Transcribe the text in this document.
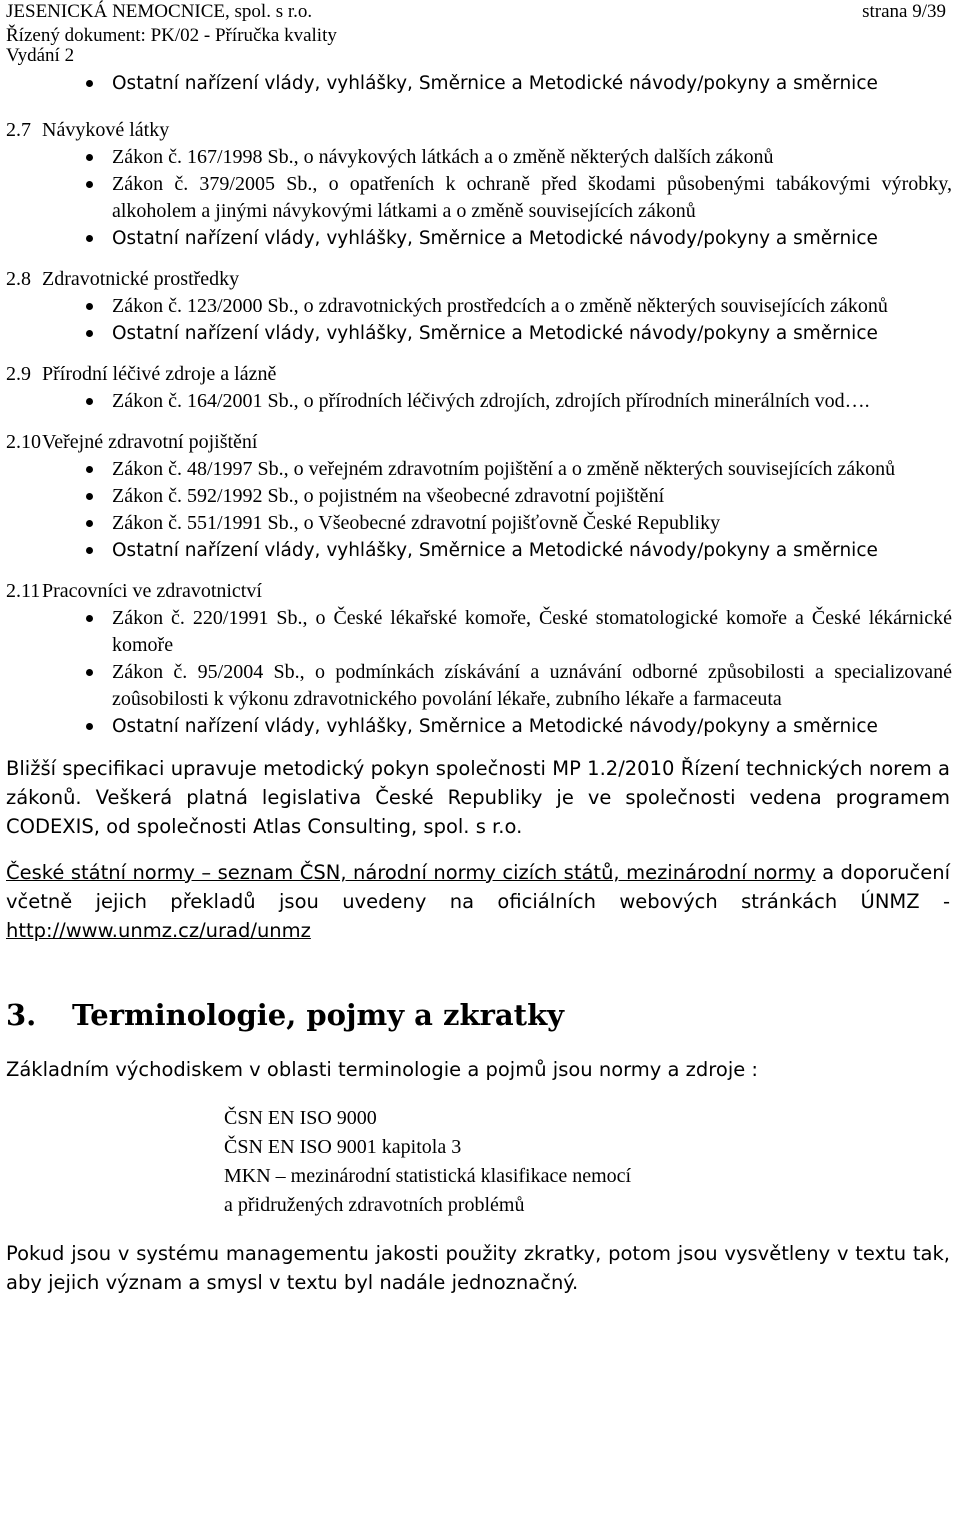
JESENICKÁ NEMOCNICE, spol. s r.o.	strana 9/39
Řízený dokument: PK/02 - Příručka kvality
Vydání 2
Ostatní nařízení vlády, vyhlášky, Směrnice a Metodické návody/pokyny a směrnice
2.7 Návykové látky
Zákon č. 167/1998 Sb., o návykových látkách a o změně některých dalších zákonů
Zákon č. 379/2005 Sb., o opatřeních k ochraně před škodami působenými tabákovými výrobky, alkoholem a jinými návykovými látkami a o změně souvisejících zákonů
Ostatní nařízení vlády, vyhlášky, Směrnice a Metodické návody/pokyny a směrnice
2.8 Zdravotnické prostředky
Zákon č. 123/2000 Sb., o zdravotnických prostředcích a o změně některých souvisejících zákonů
Ostatní nařízení vlády, vyhlášky, Směrnice a Metodické návody/pokyny a směrnice
2.9 Přírodní léčivé zdroje a lázně
Zákon č. 164/2001 Sb., o přírodních léčivých zdrojích, zdrojích přírodních minerálních vod….
2.10Veřejné zdravotní pojištění
Zákon č. 48/1997 Sb., o veřejném zdravotním pojištění a o změně některých souvisejících zákonů
Zákon č. 592/1992 Sb., o pojistném na všeobecné zdravotní pojištění
Zákon č. 551/1991 Sb., o Všeobecné zdravotní pojišťovně České Republiky
Ostatní nařízení vlády, vyhlášky, Směrnice a Metodické návody/pokyny a směrnice
2.11Pracovníci ve zdravotnictví
Zákon č. 220/1991 Sb., o České lékařské komoře, České stomatologické komoře a České lékárnické komoře
Zákon č. 95/2004 Sb., o podmínkách získávání a uznávání odborné způsobilosti a specializované zoûsobilosti k výkonu zdravotnického povolání lékaře, zubního lékaře a farmaceuta
Ostatní nařízení vlády, vyhlášky, Směrnice a Metodické návody/pokyny a směrnice

Bližší specifikaci upravuje metodický pokyn společnosti MP 1.2/2010 Řízení technických norem a zákonů. Veškerá platná legislativa České Republiky je ve společnosti vedena programem CODEXIS, od společnosti Atlas Consulting, spol. s r.o.

České státní normy – seznam ČSN, národní normy cizích států, mezinárodní normy a doporučení včetně jejich překladů jsou uvedeny na oficiálních webových stránkách ÚNMZ - http://www.unmz.cz/urad/unmz

3. Terminologie, pojmy a zkratky

Základním východiskem v oblasti terminologie a pojmů jsou normy a zdroje :

ČSN EN ISO 9000
ČSN EN ISO 9001 kapitola 3
MKN – mezinárodní statistická klasifikace nemocí
a přidružených zdravotních problémů

Pokud jsou v systému managementu jakosti použity zkratky, potom jsou vysvětleny v textu tak, aby jejich význam a smysl v textu byl nadále jednoznačný.
